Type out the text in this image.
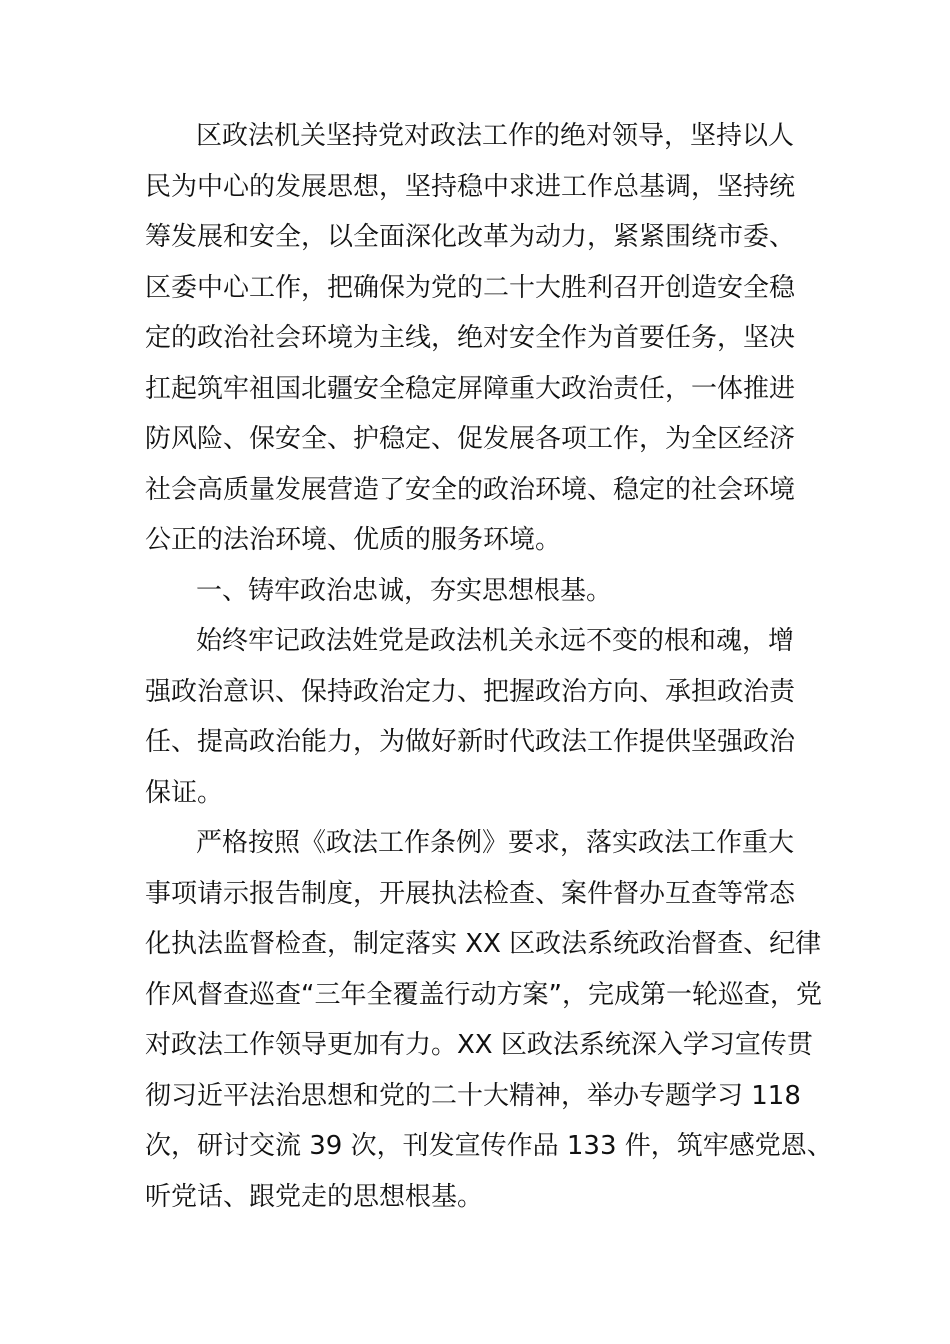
区政法机关坚持党对政法工作的绝对领导，坚持以人
民为中心的发展思想，坚持稳中求进工作总基调，坚持统
筹发展和安全，以全面深化改革为动力，紧紧围绕市委、
区委中心工作，把确保为党的二十大胜利召开创造安全稳
定的政治社会环境为主线，绝对安全作为首要任务，坚决
扛起筑牢祖国北疆安全稳定屏障重大政治责任，一体推进
防风险、保安全、护稳定、促发展各项工作，为全区经济
社会高质量发展营造了安全的政治环境、稳定的社会环境
公正的法治环境、优质的服务环境。
一、铸牢政治忠诚，夯实思想根基。
始终牢记政法姓党是政法机关永远不变的根和魂，增
强政治意识、保持政治定力、把握政治方向、承担政治责
任、提高政治能力，为做好新时代政法工作提供坚强政治
保证。
严格按照《政法工作条例》要求，落实政法工作重大
事项请示报告制度，开展执法检查、案件督办互查等常态
化执法监督检查，制定落实 XX 区政法系统政治督查、纪律
作风督查巡查“三年全覆盖行动方案”，完成第一轮巡查，党
对政法工作领导更加有力。XX 区政法系统深入学习宣传贯
彻习近平法治思想和党的二十大精神，举办专题学习 118
次，研讨交流 39 次，刊发宣传作品 133 件，筑牢感党恩、
听党话、跟党走的思想根基。
